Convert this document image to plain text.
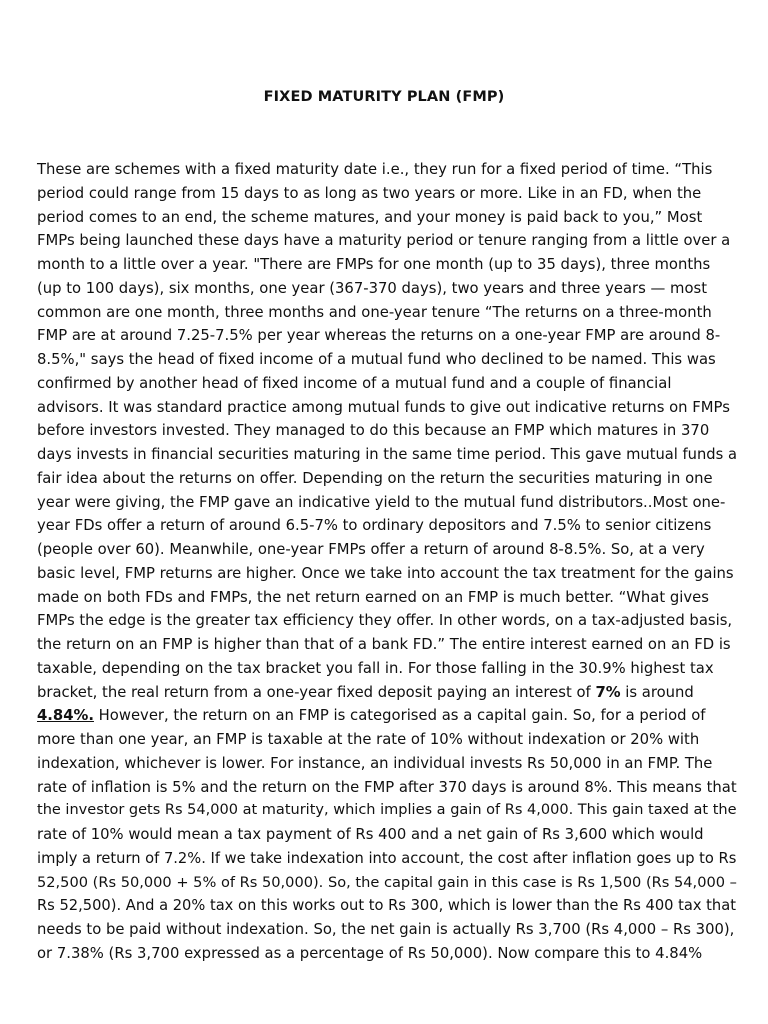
FIXED MATURITY PLAN (FMP)
These are schemes with a fixed maturity date i.e., they run for a fixed period of time. “This
period could range from 15 days to as long as two years or more. Like in an FD, when the
period comes to an end, the scheme matures, and your money is paid back to you,” Most
FMPs being launched these days have a maturity period or tenure ranging from a little over a
month to a little over a year. "There are FMPs for one month (up to 35 days), three months
(up to 100 days), six months, one year (367-370 days), two years and three years — most
common are one month, three months and one-year tenure “The returns on a three-month
FMP are at around 7.25-7.5% per year whereas the returns on a one-year FMP are around 8-
8.5%," says the head of fixed income of a mutual fund who declined to be named. This was
confirmed by another head of fixed income of a mutual fund and a couple of financial
advisors. It was standard practice among mutual funds to give out indicative returns on FMPs
before investors invested. They managed to do this because an FMP which matures in 370
days invests in financial securities maturing in the same time period. This gave mutual funds a
fair idea about the returns on offer. Depending on the return the securities maturing in one
year were giving, the FMP gave an indicative yield to the mutual fund distributors..Most one-
year FDs offer a return of around 6.5-7% to ordinary depositors and 7.5% to senior citizens
(people over 60). Meanwhile, one-year FMPs offer a return of around 8-8.5%. So, at a very
basic level, FMP returns are higher. Once we take into account the tax treatment for the gains
made on both FDs and FMPs, the net return earned on an FMP is much better. “What gives
FMPs the edge is the greater tax efficiency they offer. In other words, on a tax-adjusted basis,
the return on an FMP is higher than that of a bank FD.” The entire interest earned on an FD is
taxable, depending on the tax bracket you fall in. For those falling in the 30.9% highest tax
bracket, the real return from a one-year fixed deposit paying an interest of 7% is around
4.84%. However, the return on an FMP is categorised as a capital gain. So, for a period of
more than one year, an FMP is taxable at the rate of 10% without indexation or 20% with
indexation, whichever is lower. For instance, an individual invests Rs 50,000 in an FMP. The
rate of inflation is 5% and the return on the FMP after 370 days is around 8%. This means that
the investor gets Rs 54,000 at maturity, which implies a gain of Rs 4,000. This gain taxed at the
rate of 10% would mean a tax payment of Rs 400 and a net gain of Rs 3,600 which would
imply a return of 7.2%. If we take indexation into account, the cost after inflation goes up to Rs
52,500 (Rs 50,000 + 5% of Rs 50,000). So, the capital gain in this case is Rs 1,500 (Rs 54,000 –
Rs 52,500). And a 20% tax on this works out to Rs 300, which is lower than the Rs 400 tax that
needs to be paid without indexation. So, the net gain is actually Rs 3,700 (Rs 4,000 – Rs 300),
or 7.38% (Rs 3,700 expressed as a percentage of Rs 50,000). Now compare this to 4.84%
